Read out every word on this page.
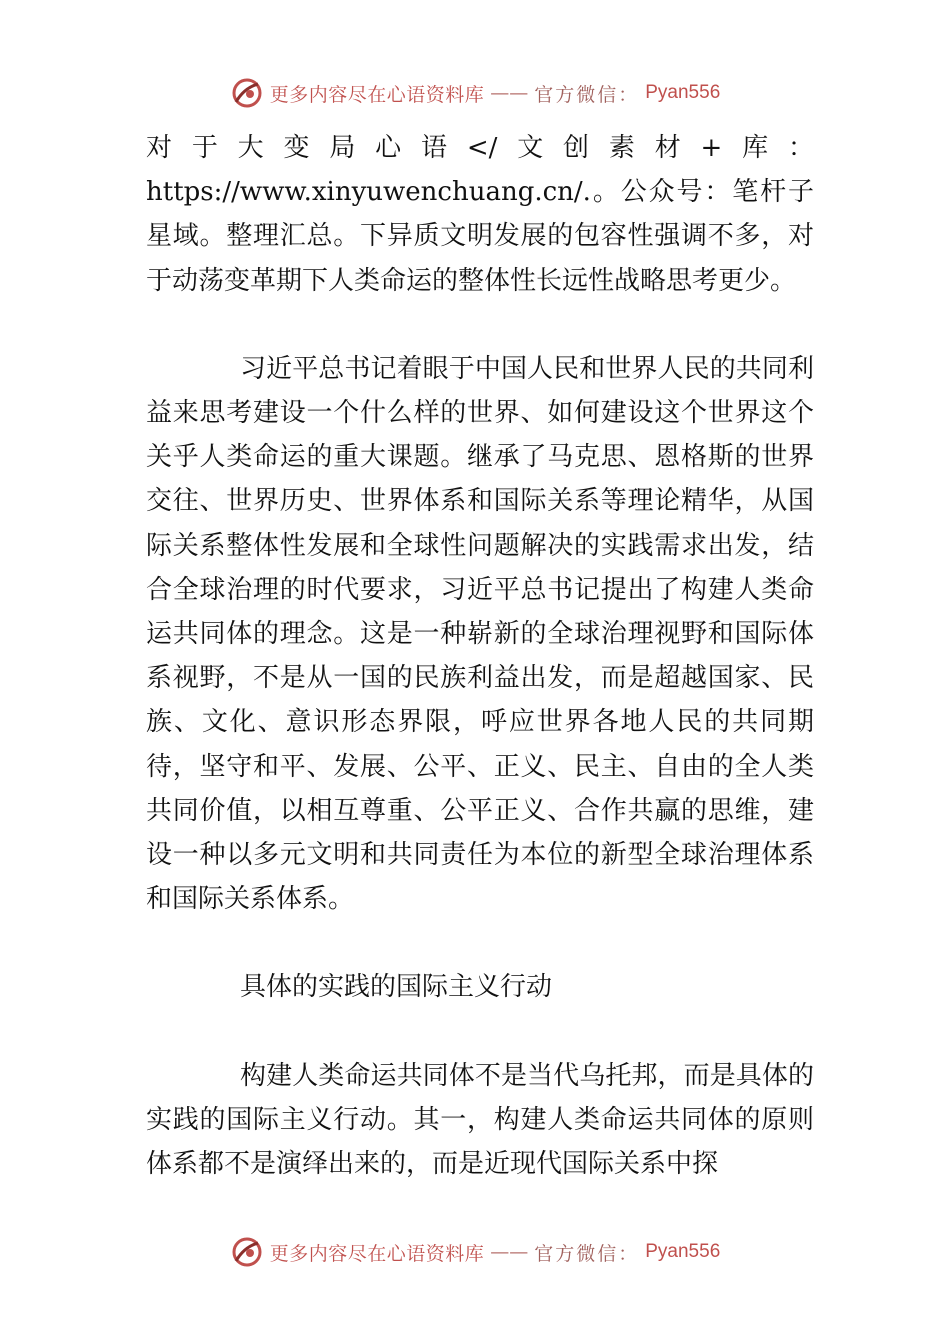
更多内容尽在心语资料库 —— 官方微信： Pyan556

对于大变局心语</文创素材+库：https://www.xinyuwenchuang.cn/.。公众号：笔杆子星域。整理汇总。下异质文明发展的包容性强调不多，对于动荡变革期下人类命运的整体性长远性战略思考更少。

习近平总书记着眼于中国人民和世界人民的共同利益来思考建设一个什么样的世界、如何建设这个世界这个关乎人类命运的重大课题。继承了马克思、恩格斯的世界交往、世界历史、世界体系和国际关系等理论精华，从国际关系整体性发展和全球性问题解决的实践需求出发，结合全球治理的时代要求，习近平总书记提出了构建人类命运共同体的理念。这是一种崭新的全球治理视野和国际体系视野，不是从一国的民族利益出发，而是超越国家、民族、文化、意识形态界限，呼应世界各地人民的共同期待，坚守和平、发展、公平、正义、民主、自由的全人类共同价值，以相互尊重、公平正义、合作共赢的思维，建设一种以多元文明和共同责任为本位的新型全球治理体系和国际关系体系。

具体的实践的国际主义行动

构建人类命运共同体不是当代乌托邦，而是具体的实践的国际主义行动。其一，构建人类命运共同体的原则体系都不是演绎出来的，而是近现代国际关系中探

更多内容尽在心语资料库 —— 官方微信： Pyan556
